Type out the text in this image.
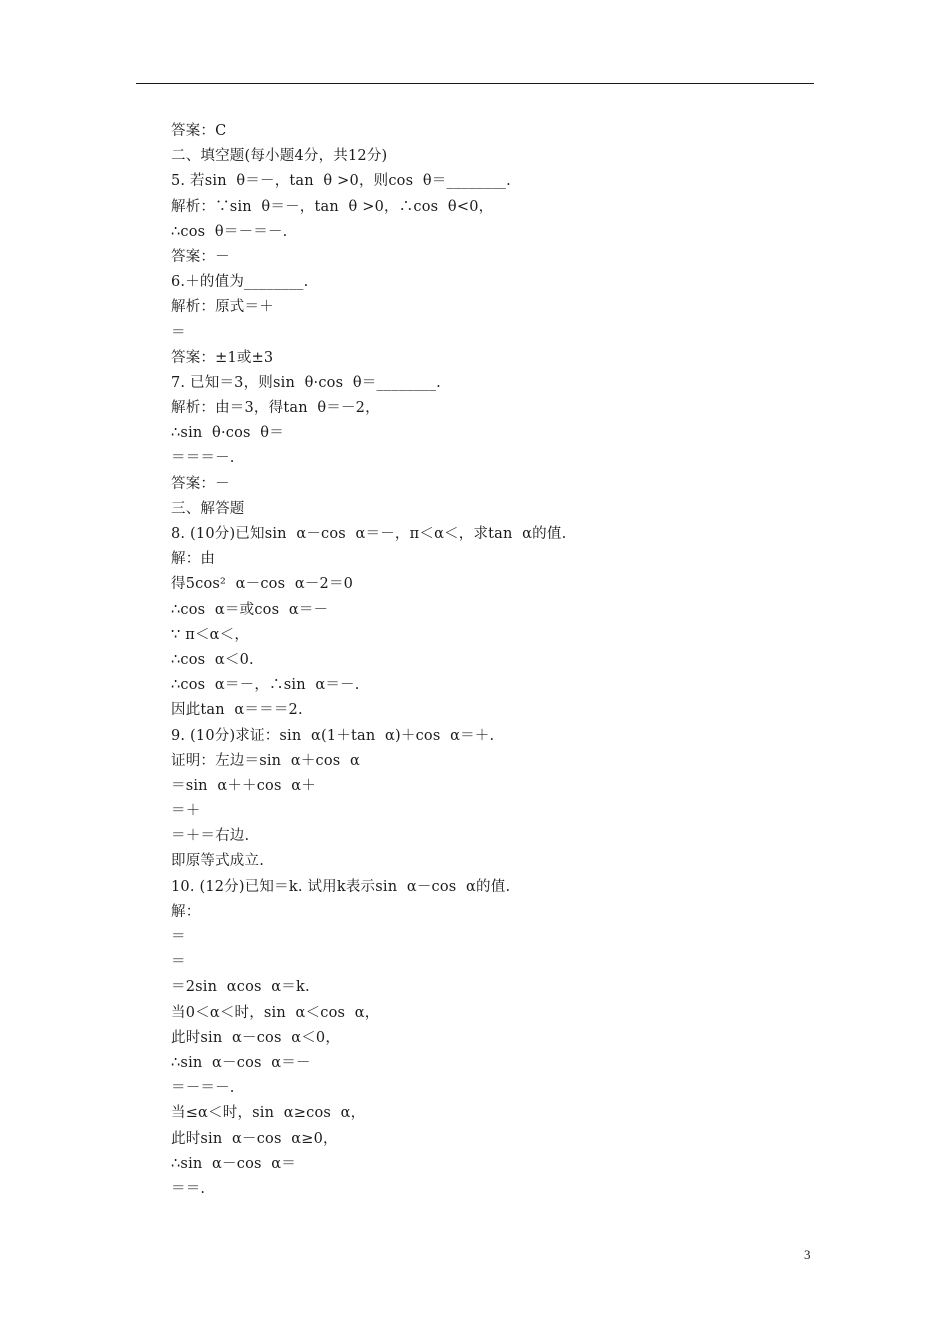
答案：C
二、填空题(每小题4分，共12分)
5. 若sin  θ＝－，tan  θ >0，则cos  θ＝________.
解析：∵sin  θ＝－，tan  θ >0，∴cos  θ<0，
∴cos  θ＝－＝－.
答案：－
6.＋的值为________.
解析：原式＝＋
＝
答案：±1或±3
7. 已知＝3，则sin  θ·cos  θ＝________.
解析：由＝3，得tan  θ＝－2，
∴sin  θ·cos  θ＝
＝＝＝－.
答案：－
三、解答题
8. (10分)已知sin  α－cos  α＝－，π＜α＜，求tan  α的值.
解：由
得5cos²  α－cos  α－2＝0
∴cos  α＝或cos  α＝－
∵ π＜α＜，
∴cos  α＜0.
∴cos  α＝－，∴sin  α＝－.
因此tan  α＝＝＝2.
9. (10分)求证：sin  α(1＋tan  α)＋cos  α＝＋.
证明：左边＝sin  α＋cos  α
＝sin  α＋＋cos  α＋
＝＋
＝＋＝右边.
即原等式成立.
10. (12分)已知＝k. 试用k表示sin  α－cos  α的值.
解：
＝
＝
＝2sin  αcos  α＝k.
当0＜α＜时，sin  α＜cos  α，
此时sin  α－cos  α＜0，
∴sin  α－cos  α＝－
＝－＝－.
当≤α＜时，sin  α≥cos  α，
此时sin  α－cos  α≥0，
∴sin  α－cos  α＝
＝＝.
3
